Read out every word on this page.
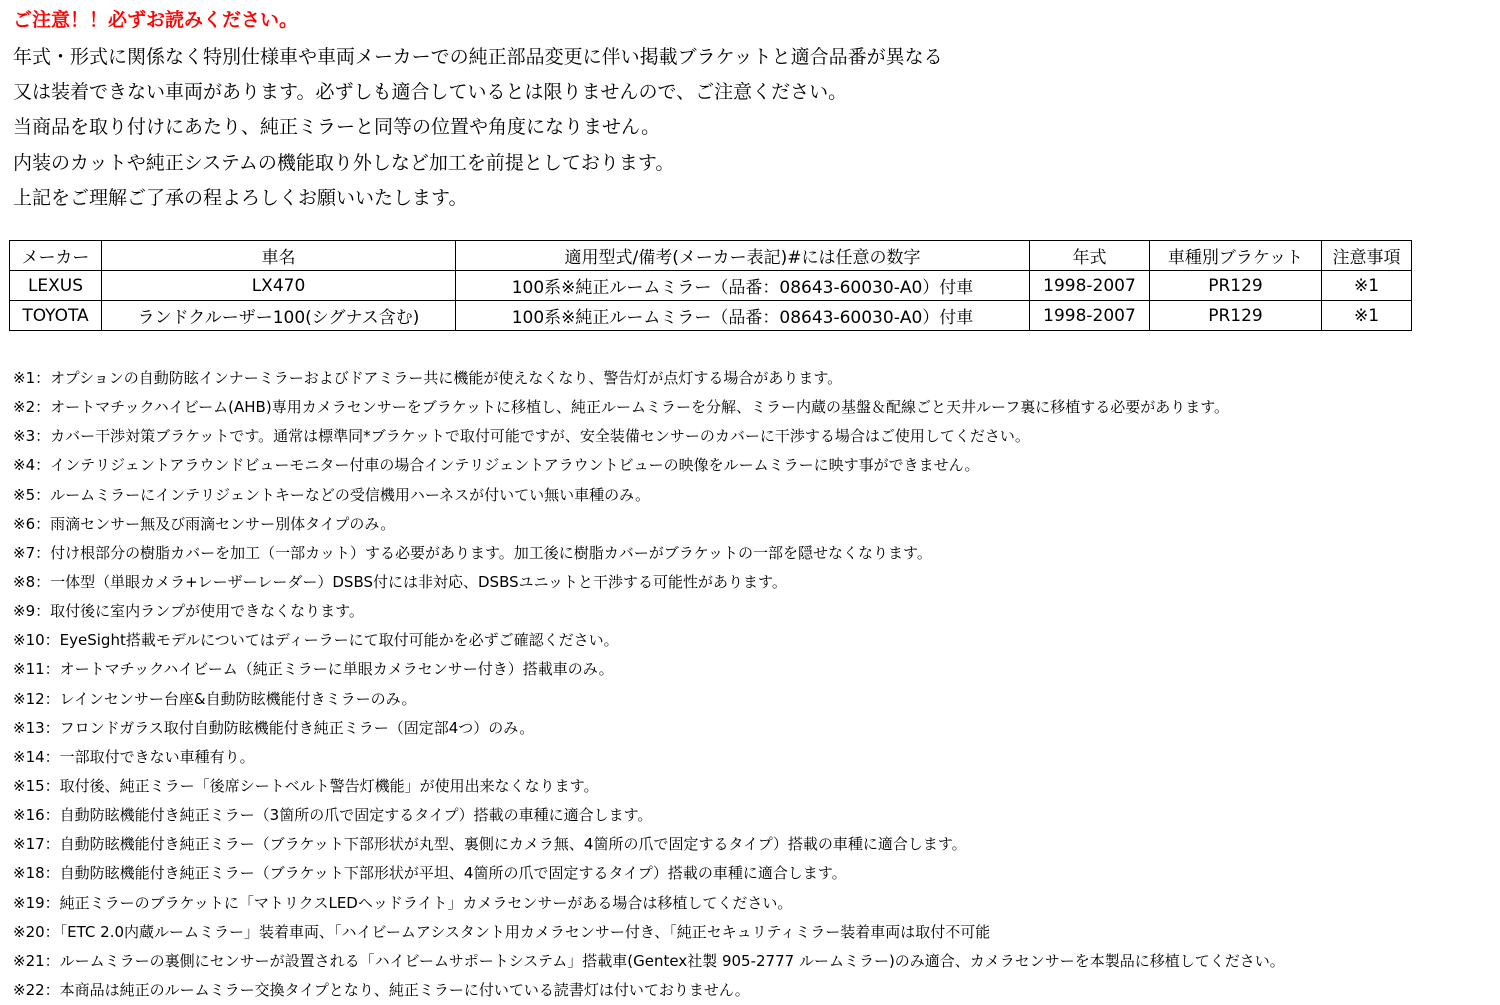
ご注意！！必ずお読みください。
年式・形式に関係なく特別仕様車や車両メーカーでの純正部品変更に伴い掲載ブラケットと適合品番が異なる
又は装着できない車両があります。必ずしも適合しているとは限りませんので、ご注意ください。
当商品を取り付けにあたり、純正ミラーと同等の位置や角度になりません。
内装のカットや純正システムの機能取り外しなど加工を前提としております。
上記をご理解ご了承の程よろしくお願いいたします。
メーカー	車名	適用型式/備考(メーカー表記)#には任意の数字	年式	車種別ブラケット	注意事項
LEXUS	LX470	100系※純正ルームミラー（品番：08643-60030-A0）付車	1998-2007	PR129	※1
TOYOTA	ランドクルーザー100(シグナス含む)	100系※純正ルームミラー（品番：08643-60030-A0）付車	1998-2007	PR129	※1
※1：オプションの自動防眩インナーミラーおよびドアミラー共に機能が使えなくなり、警告灯が点灯する場合があります。
※2：オートマチックハイビーム(AHB)専用カメラセンサーをブラケットに移植し、純正ルームミラーを分解、ミラー内蔵の基盤＆配線ごと天井ルーフ裏に移植する必要があります。
※3：カバー干渉対策ブラケットです。通常は標準同*ブラケットで取付可能ですが、安全装備センサーのカバーに干渉する場合はご使用してください。
※4：インテリジェントアラウンドビューモニター付車の場合インテリジェントアラウントビューの映像をルームミラーに映す事ができません。
※5：ルームミラーにインテリジェントキーなどの受信機用ハーネスが付いてい無い車種のみ。
※6：雨滴センサー無及び雨滴センサー別体タイプのみ。
※7：付け根部分の樹脂カバーを加工（一部カット）する必要があります。加工後に樹脂カバーがブラケットの一部を隠せなくなります。
※8：一体型（単眼カメラ+レーザーレーダー）DSBS付には非対応、DSBSユニットと干渉する可能性があります。
※9：取付後に室内ランプが使用できなくなります。
※10：EyeSight搭載モデルについてはディーラーにて取付可能かを必ずご確認ください。
※11：オートマチックハイビーム（純正ミラーに単眼カメラセンサー付き）搭載車のみ。
※12：レインセンサー台座&自動防眩機能付きミラーのみ。
※13：フロンドガラス取付自動防眩機能付き純正ミラー（固定部4つ）のみ。
※14：一部取付できない車種有り。
※15：取付後、純正ミラー「後席シートベルト警告灯機能」が使用出来なくなります。
※16：自動防眩機能付き純正ミラー（3箇所の爪で固定するタイプ）搭載の車種に適合します。
※17：自動防眩機能付き純正ミラー（ブラケット下部形状が丸型、裏側にカメラ無、4箇所の爪で固定するタイプ）搭載の車種に適合します。
※18：自動防眩機能付き純正ミラー（ブラケット下部形状が平坦、4箇所の爪で固定するタイプ）搭載の車種に適合します。
※19：純正ミラーのブラケットに「マトリクスLEDヘッドライト」カメラセンサーがある場合は移植してください。
※20：「ETC 2.0内蔵ルームミラー」装着車両、「ハイビームアシスタント用カメラセンサー付き、「純正セキュリティミラー装着車両は取付不可能
※21：ルームミラーの裏側にセンサーが設置される「ハイビームサポートシステム」搭載車(Gentex社製 905-2777 ルームミラー)のみ適合、カメラセンサーを本製品に移植してください。
※22：本商品は純正のルームミラー交換タイプとなり、純正ミラーに付いている読書灯は付いておりません。
